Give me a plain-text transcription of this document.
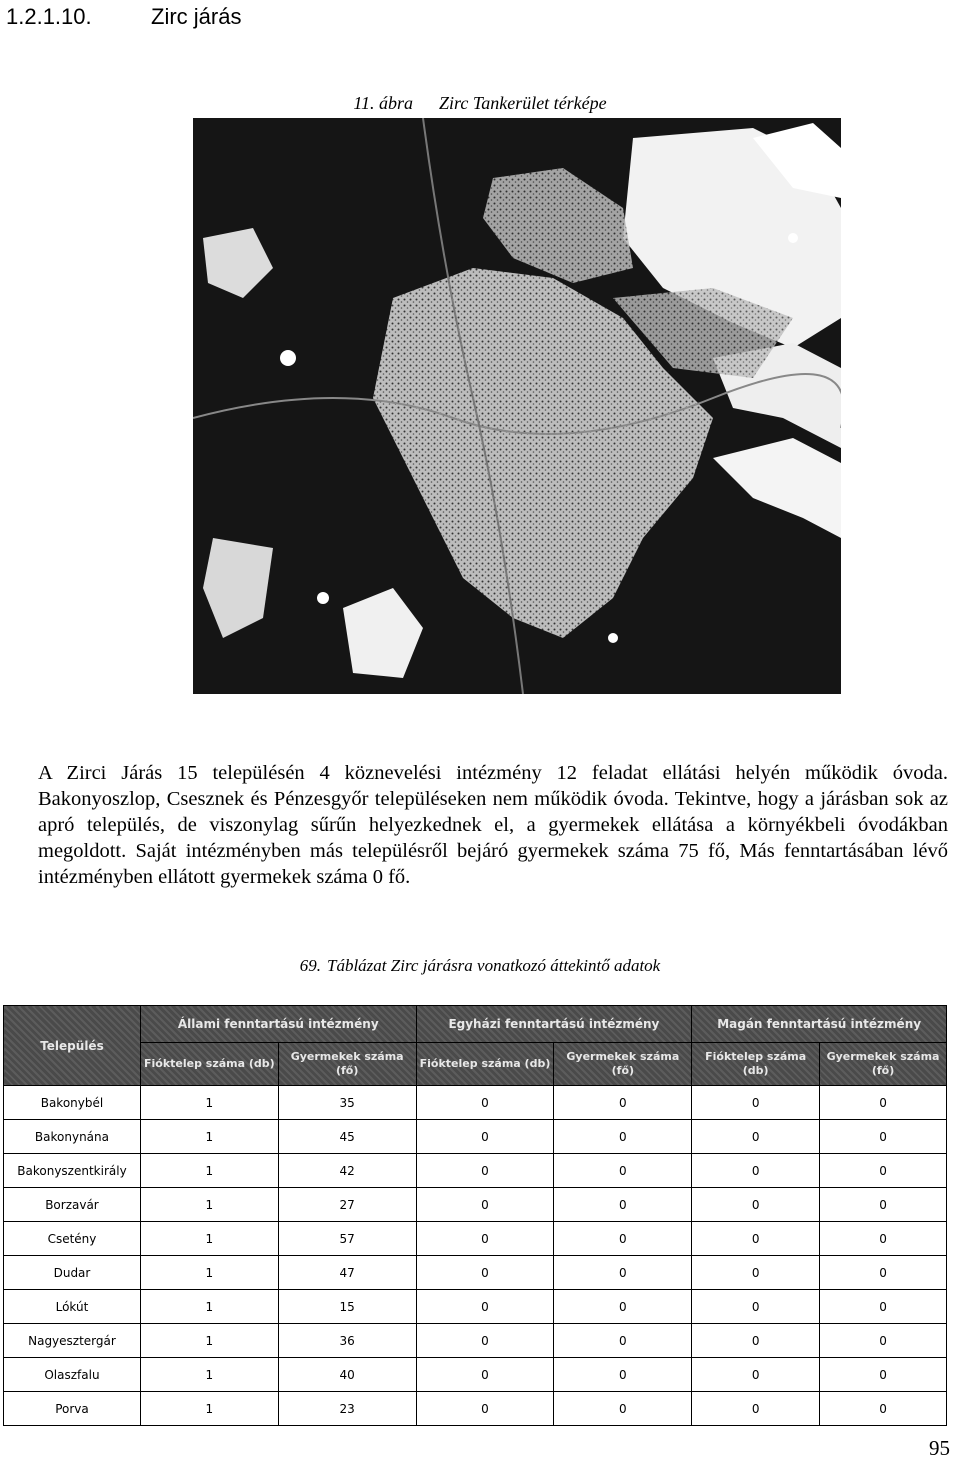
1.2.1.10.	Zirc járás
11. ábra Zirc Tankerület térképe
A Zirci Járás 15 településén 4 köznevelési intézmény 12 feladat ellátási helyén működik óvoda. Bakonyoszlop, Csesznek és Pénzesgyőr településeken nem működik óvoda. Tekintve, hogy a járásban sok az apró település, de viszonylag sűrűn helyezkednek el, a gyermekek ellátása a környékbeli óvodákban megoldott. Saját intézményben más településről bejáró gyermekek száma 75 fő, Más fenntartásában lévő intézményben ellátott gyermekek száma 0 fő.
69. Táblázat Zirc járásra vonatkozó áttekintő adatok
Település	Állami fenntartású intézmény		Egyházi fenntartású intézmény		Magán fenntartású intézmény	
	Fióktelep száma (db)	Gyermekek száma (fő)	Fióktelep száma (db)	Gyermekek száma (fő)	Fióktelep száma (db)	Gyermekek száma (fő)
Bakonybél	1	35	0	0	0	0
Bakonynána	1	45	0	0	0	0
Bakonyszentkirály	1	42	0	0	0	0
Borzavár	1	27	0	0	0	0
Csetény	1	57	0	0	0	0
Dudar	1	47	0	0	0	0
Lókút	1	15	0	0	0	0
Nagyesztergár	1	36	0	0	0	0
Olaszfalu	1	40	0	0	0	0
Porva	1	23	0	0	0	0
95
